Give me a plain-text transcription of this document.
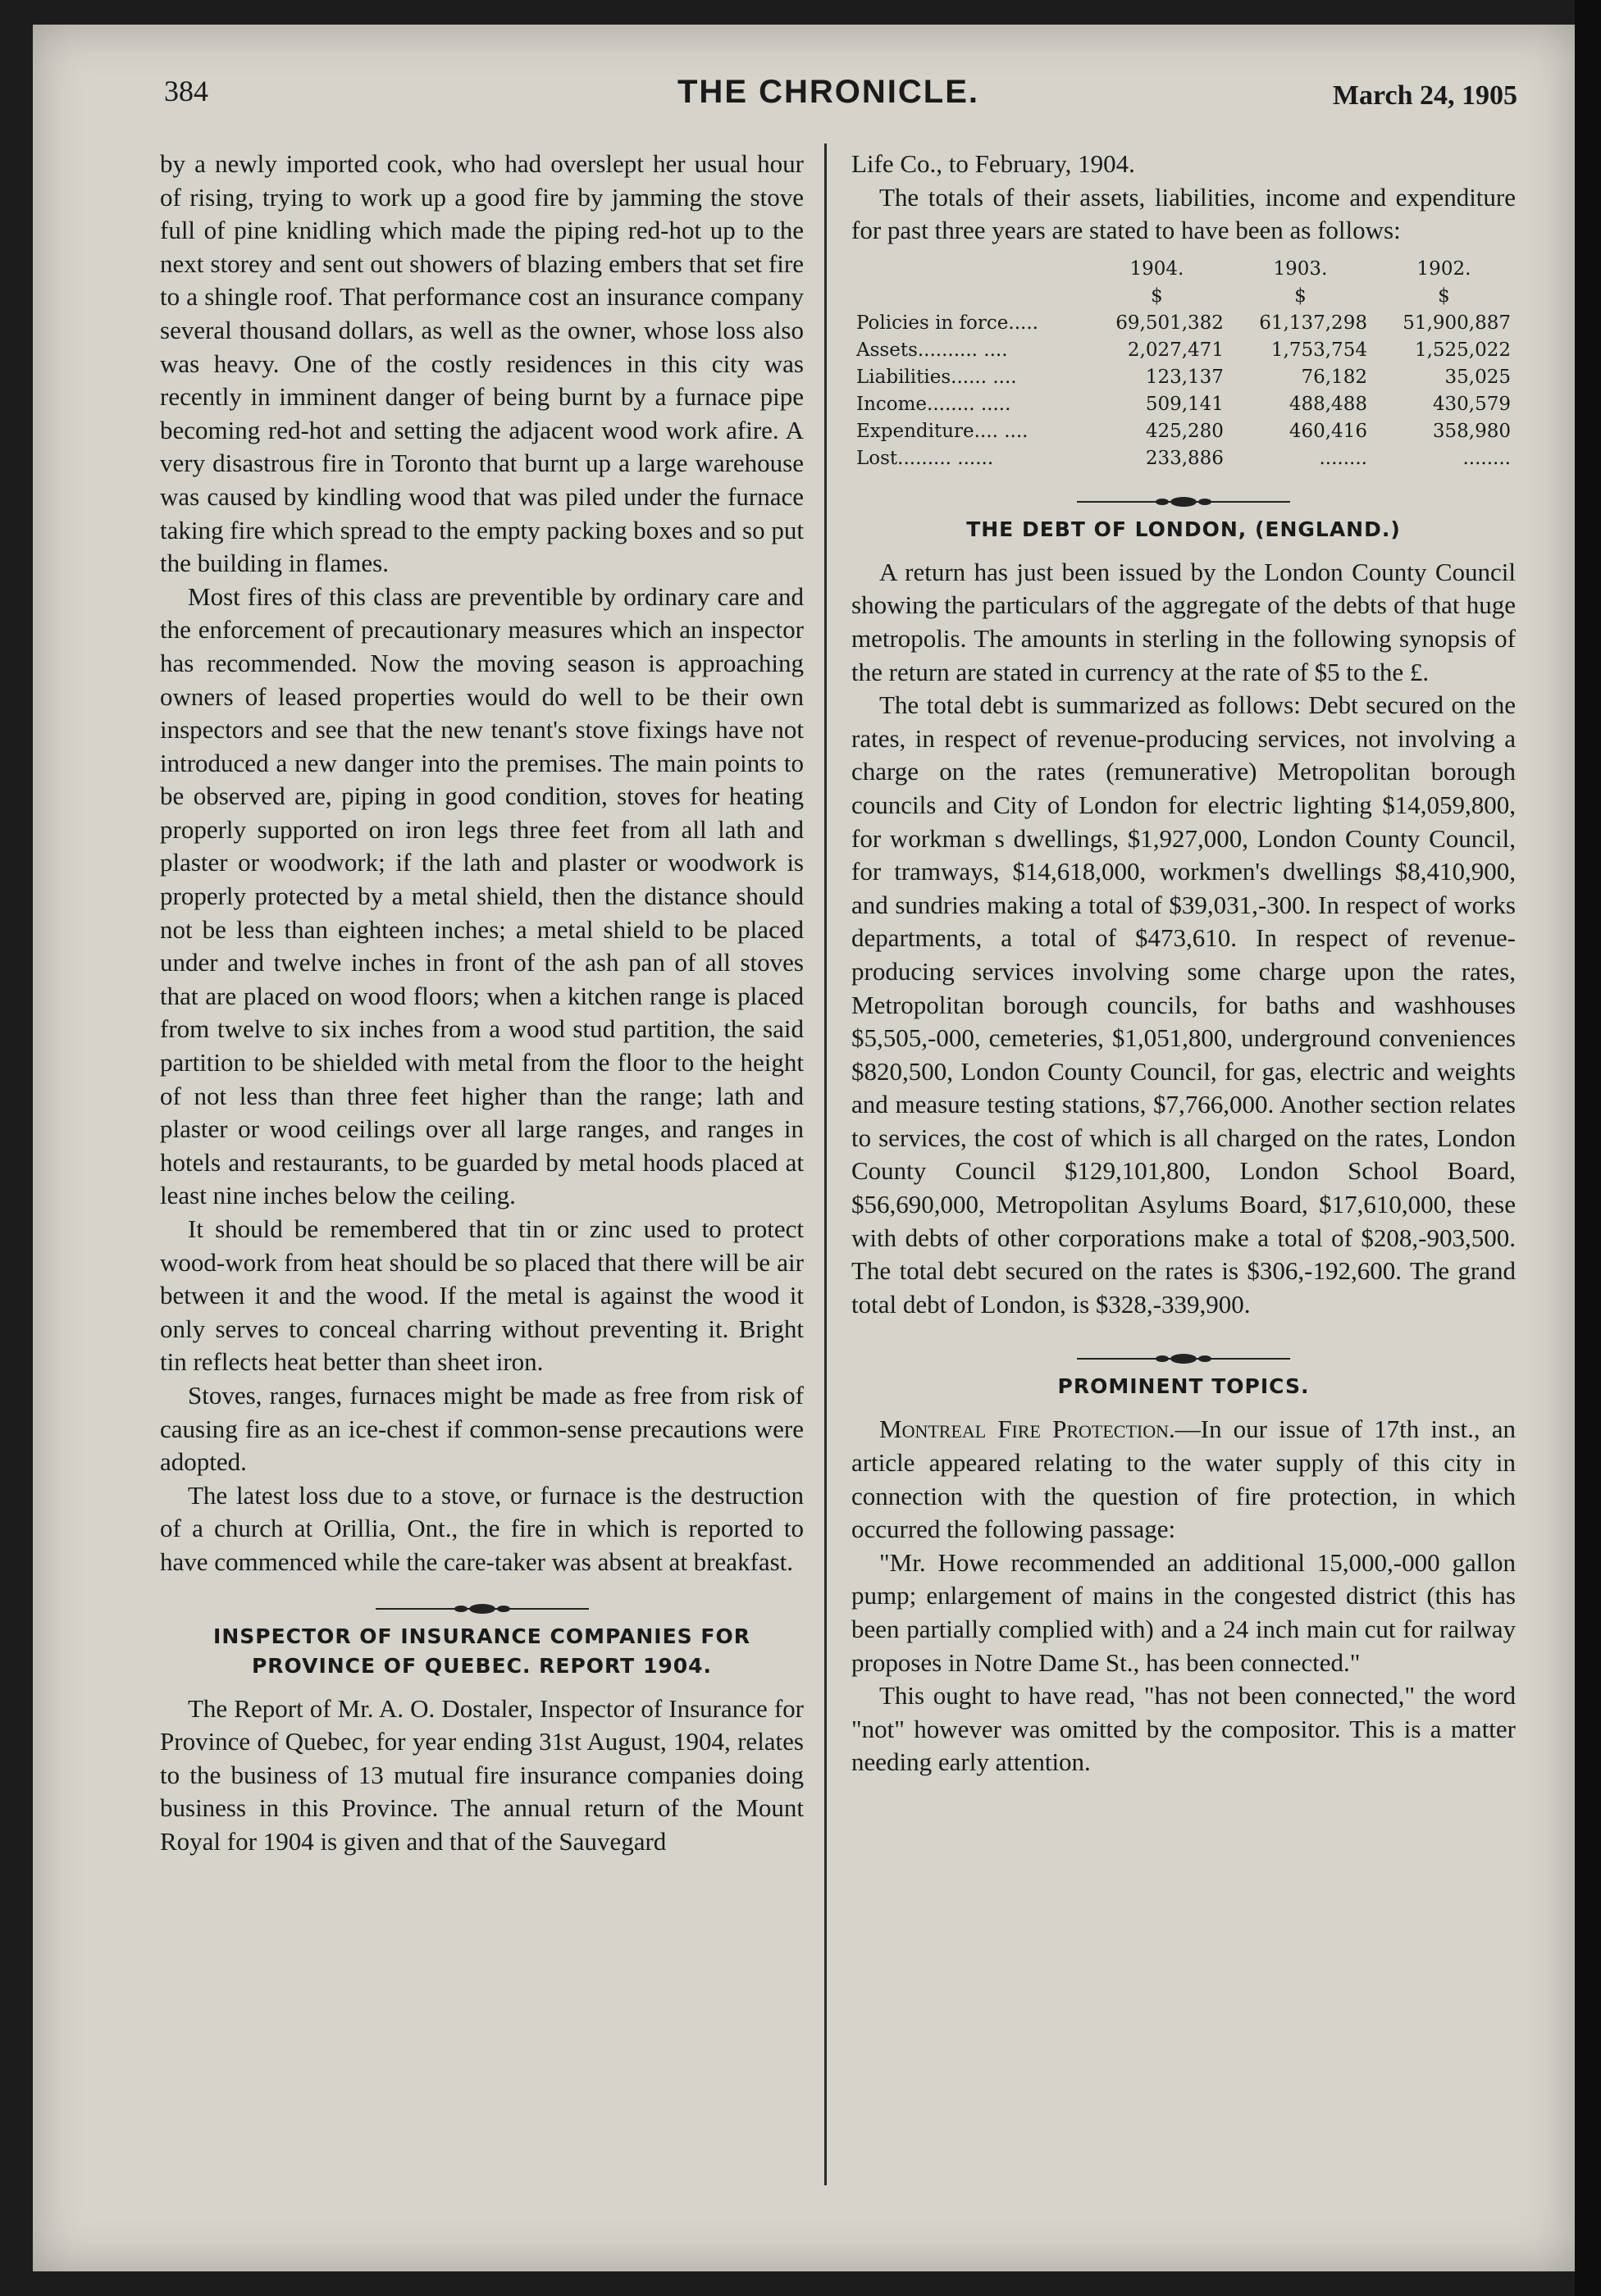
384	THE CHRONICLE.	March 24, 1905

by a newly imported cook, who had overslept her usual hour of rising, trying to work up a good fire by jamming the stove full of pine knidling which made the piping red-hot up to the next storey and sent out showers of blazing embers that set fire to a shingle roof. That performance cost an insurance company several thousand dollars, as well as the owner, whose loss also was heavy. One of the costly residences in this city was recently in imminent danger of being burnt by a furnace pipe becoming red-hot and setting the adjacent wood work afire. A very disastrous fire in Toronto that burnt up a large warehouse was caused by kindling wood that was piled under the furnace taking fire which spread to the empty packing boxes and so put the building in flames.

Most fires of this class are preventible by ordinary care and the enforcement of precautionary measures which an inspector has recommended. Now the moving season is approaching owners of leased properties would do well to be their own inspectors and see that the new tenant's stove fixings have not introduced a new danger into the premises. The main points to be observed are, piping in good condition, stoves for heating properly supported on iron legs three feet from all lath and plaster or woodwork; if the lath and plaster or woodwork is properly protected by a metal shield, then the distance should not be less than eighteen inches; a metal shield to be placed under and twelve inches in front of the ash pan of all stoves that are placed on wood floors; when a kitchen range is placed from twelve to six inches from a wood stud partition, the said partition to be shielded with metal from the floor to the height of not less than three feet higher than the range; lath and plaster or wood ceilings over all large ranges, and ranges in hotels and restaurants, to be guarded by metal hoods placed at least nine inches below the ceiling.

It should be remembered that tin or zinc used to protect wood-work from heat should be so placed that there will be air between it and the wood. If the metal is against the wood it only serves to conceal charring without preventing it. Bright tin reflects heat better than sheet iron.

Stoves, ranges, furnaces might be made as free from risk of causing fire as an ice-chest if common-sense precautions were adopted.

The latest loss due to a stove, or furnace is the destruction of a church at Orillia, Ont., the fire in which is reported to have commenced while the care-taker was absent at breakfast.

INSPECTOR OF INSURANCE COMPANIES FOR
PROVINCE OF QUEBEC. REPORT 1904.

The Report of Mr. A. O. Dostaler, Inspector of Insurance for Province of Quebec, for year ending 31st August, 1904, relates to the business of 13 mutual fire insurance companies doing business in this Province. The annual return of the Mount Royal for 1904 is given and that of the Sauvegard

Life Co., to February, 1904.

The totals of their assets, liabilities, income and expenditure for past three years are stated to have been as follows:

	1904.	1903.	1902.
	$	$	$
Policies in force.....	69,501,382	61,137,298	51,900,887
Assets.......... ....	2,027,471	1,753,754	1,525,022
Liabilities...... ....	123,137	76,182	35,025
Income........ .....	509,141	488,488	430,579
Expenditure.... ....	425,280	460,416	358,980
Lost......... ......	233,886	........	........
THE DEBT OF LONDON, (ENGLAND.)

A return has just been issued by the London County Council showing the particulars of the aggregate of the debts of that huge metropolis. The amounts in sterling in the following synopsis of the return are stated in currency at the rate of $5 to the £.

The total debt is summarized as follows: Debt secured on the rates, in respect of revenue-producing services, not involving a charge on the rates (remunerative) Metropolitan borough councils and City of London for electric lighting $14,059,800, for workman s dwellings, $1,927,000, London County Council, for tramways, $14,618,000, workmen's dwellings $8,410,900, and sundries making a total of $39,031,-300. In respect of works departments, a total of $473,610. In respect of revenue-producing services involving some charge upon the rates, Metropolitan borough councils, for baths and washhouses $5,505,-000, cemeteries, $1,051,800, underground conveniences $820,500, London County Council, for gas, electric and weights and measure testing stations, $7,766,000. Another section relates to services, the cost of which is all charged on the rates, London County Council $129,101,800, London School Board, $56,690,000, Metropolitan Asylums Board, $17,610,000, these with debts of other corporations make a total of $208,-903,500. The total debt secured on the rates is $306,-192,600. The grand total debt of London, is $328,-339,900.

PROMINENT TOPICS.

Montreal Fire Protection.—In our issue of 17th inst., an article appeared relating to the water supply of this city in connection with the question of fire protection, in which occurred the following passage:

"Mr. Howe recommended an additional 15,000,-000 gallon pump; enlargement of mains in the congested district (this has been partially complied with) and a 24 inch main cut for railway proposes in Notre Dame St., has been connected."

This ought to have read, "has not been connected," the word "not" however was omitted by the compositor. This is a matter needing early attention.
